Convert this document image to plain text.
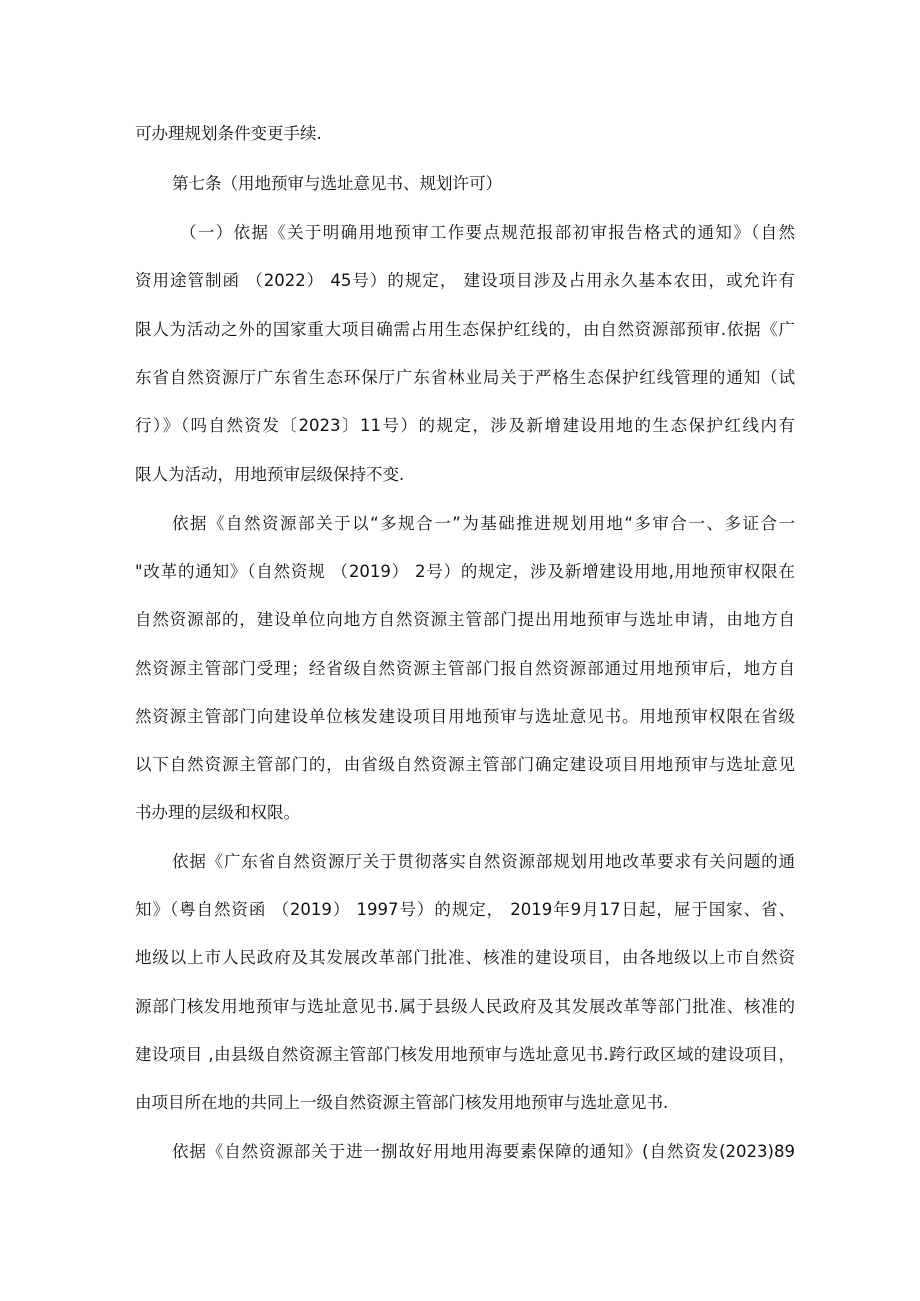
可办理规划条件变更手续.
第七条（用地预审与选址意见书、规划许可）
（一）依据《关于明确用地预审工作要点规范报部初审报告格式的通知》（自然
资用途管制函 （2022） 45号）的规定， 建设项目涉及占用永久基本农田，或允许有
限人为活动之外的国家重大项目确需占用生态保护红线的，由自然资源部预审.依据《广
东省自然资源厅广东省生态环保厅广东省林业局关于严格生态保护红线管理的通知（试
行）》（吗自然资发〔2023〕11号）的规定，涉及新增建设用地的生态保护红线内有
限人为活动，用地预审层级保持不变.
依据《自然资源部关于以“多规合一”为基础推进规划用地“多审合一、多证合一
"改革的通知》（自然资规 （2019） 2号）的规定，涉及新增建设用地,用地预审权限在
自然资源部的，建设单位向地方自然资源主管部门提出用地预审与选址申请，由地方自
然资源主管部门受理；经省级自然资源主管部门报自然资源部通过用地预审后，地方自
然资源主管部门向建设单位核发建设项目用地预审与选址意见书。用地预审权限在省级
以下自然资源主管部门的，由省级自然资源主管部门确定建设项目用地预审与选址意见
书办理的层级和权限。
依据《广东省自然资源厅关于贯彻落实自然资源部规划用地改革要求有关问题的通
知》（粤自然资函 （2019） 1997号）的规定， 2019年9月17日起，屉于国家、省、
地级以上市人民政府及其发展改革部门批准、核准的建设项目，由各地级以上市自然资
源部门核发用地预审与选址意见书.属于县级人民政府及其发展改革等部门批准、核准的
建设项目 ,由县级自然资源主管部门核发用地预审与选址意见书.跨行政区域的建设项目，
由项目所在地的共同上一级自然资源主管部门核发用地预审与选址意见书.
依据《自然资源部关于进一捌故好用地用海要素保障的通知》(自然资发(2023)89
